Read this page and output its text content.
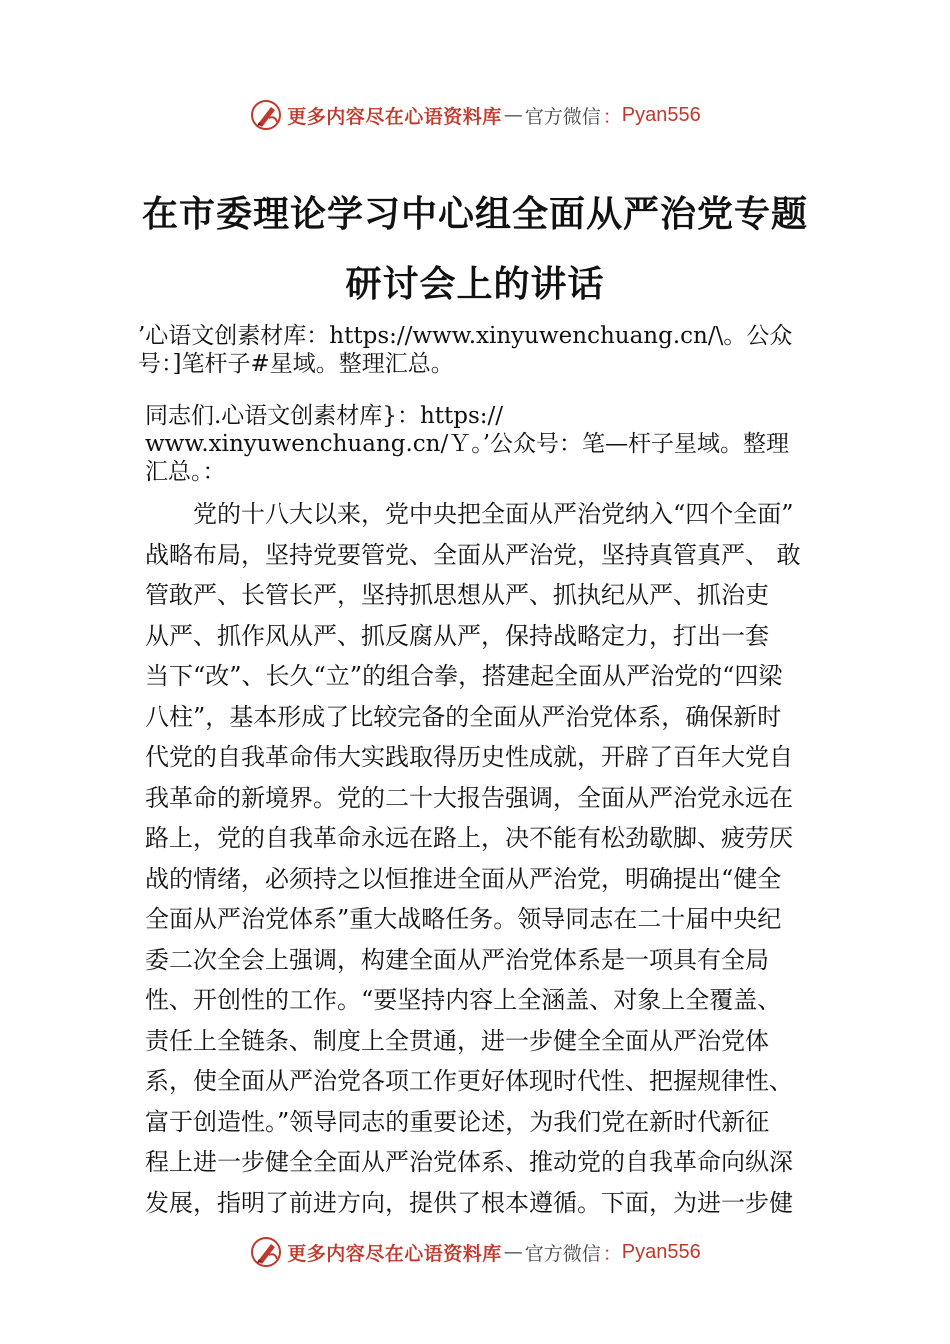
更多内容尽在心语资料库 — 官方微信 ： Pyan556
在市委理论学习中心组全面从严治党专题
研讨会上的讲话
’心语文创素材库：https://www.xinyuwenchuang.cn/\。公众
号：]笔杆子#星域。整理汇总。
同志们.心语文创素材库}：https://
www.xinyuwenchuang.cn/Ｙ。’公众号：笔—杆子星域。整理
汇总。：
　　党的十八大以来，党中央把全面从严治党纳入“四个全面”
战略布局，坚持党要管党、全面从严治党，坚持真管真严、 敢
管敢严、长管长严，坚持抓思想从严、抓执纪从严、抓治吏
从严、抓作风从严、抓反腐从严，保持战略定力，打出一套
当下“改”、长久“立”的组合拳，搭建起全面从严治党的“四梁
八柱”，基本形成了比较完备的全面从严治党体系，确保新时
代党的自我革命伟大实践取得历史性成就，开辟了百年大党自
我革命的新境界。党的二十大报告强调，全面从严治党永远在
路上，党的自我革命永远在路上，决不能有松劲歇脚、疲劳厌
战的情绪，必须持之以恒推进全面从严治党，明确提出“健全
全面从严治党体系”重大战略任务。领导同志在二十届中央纪
委二次全会上强调，构建全面从严治党体系是一项具有全局
性、开创性的工作。“要坚持内容上全涵盖、对象上全覆盖、
责任上全链条、制度上全贯通，进一步健全全面从严治党体
系，使全面从严治党各项工作更好体现时代性、把握规律性、
富于创造性。”领导同志的重要论述，为我们党在新时代新征
程上进一步健全全面从严治党体系、推动党的自我革命向纵深
发展，指明了前进方向，提供了根本遵循。下面，为进一步健
更多内容尽在心语资料库 — 官方微信 ： Pyan556
